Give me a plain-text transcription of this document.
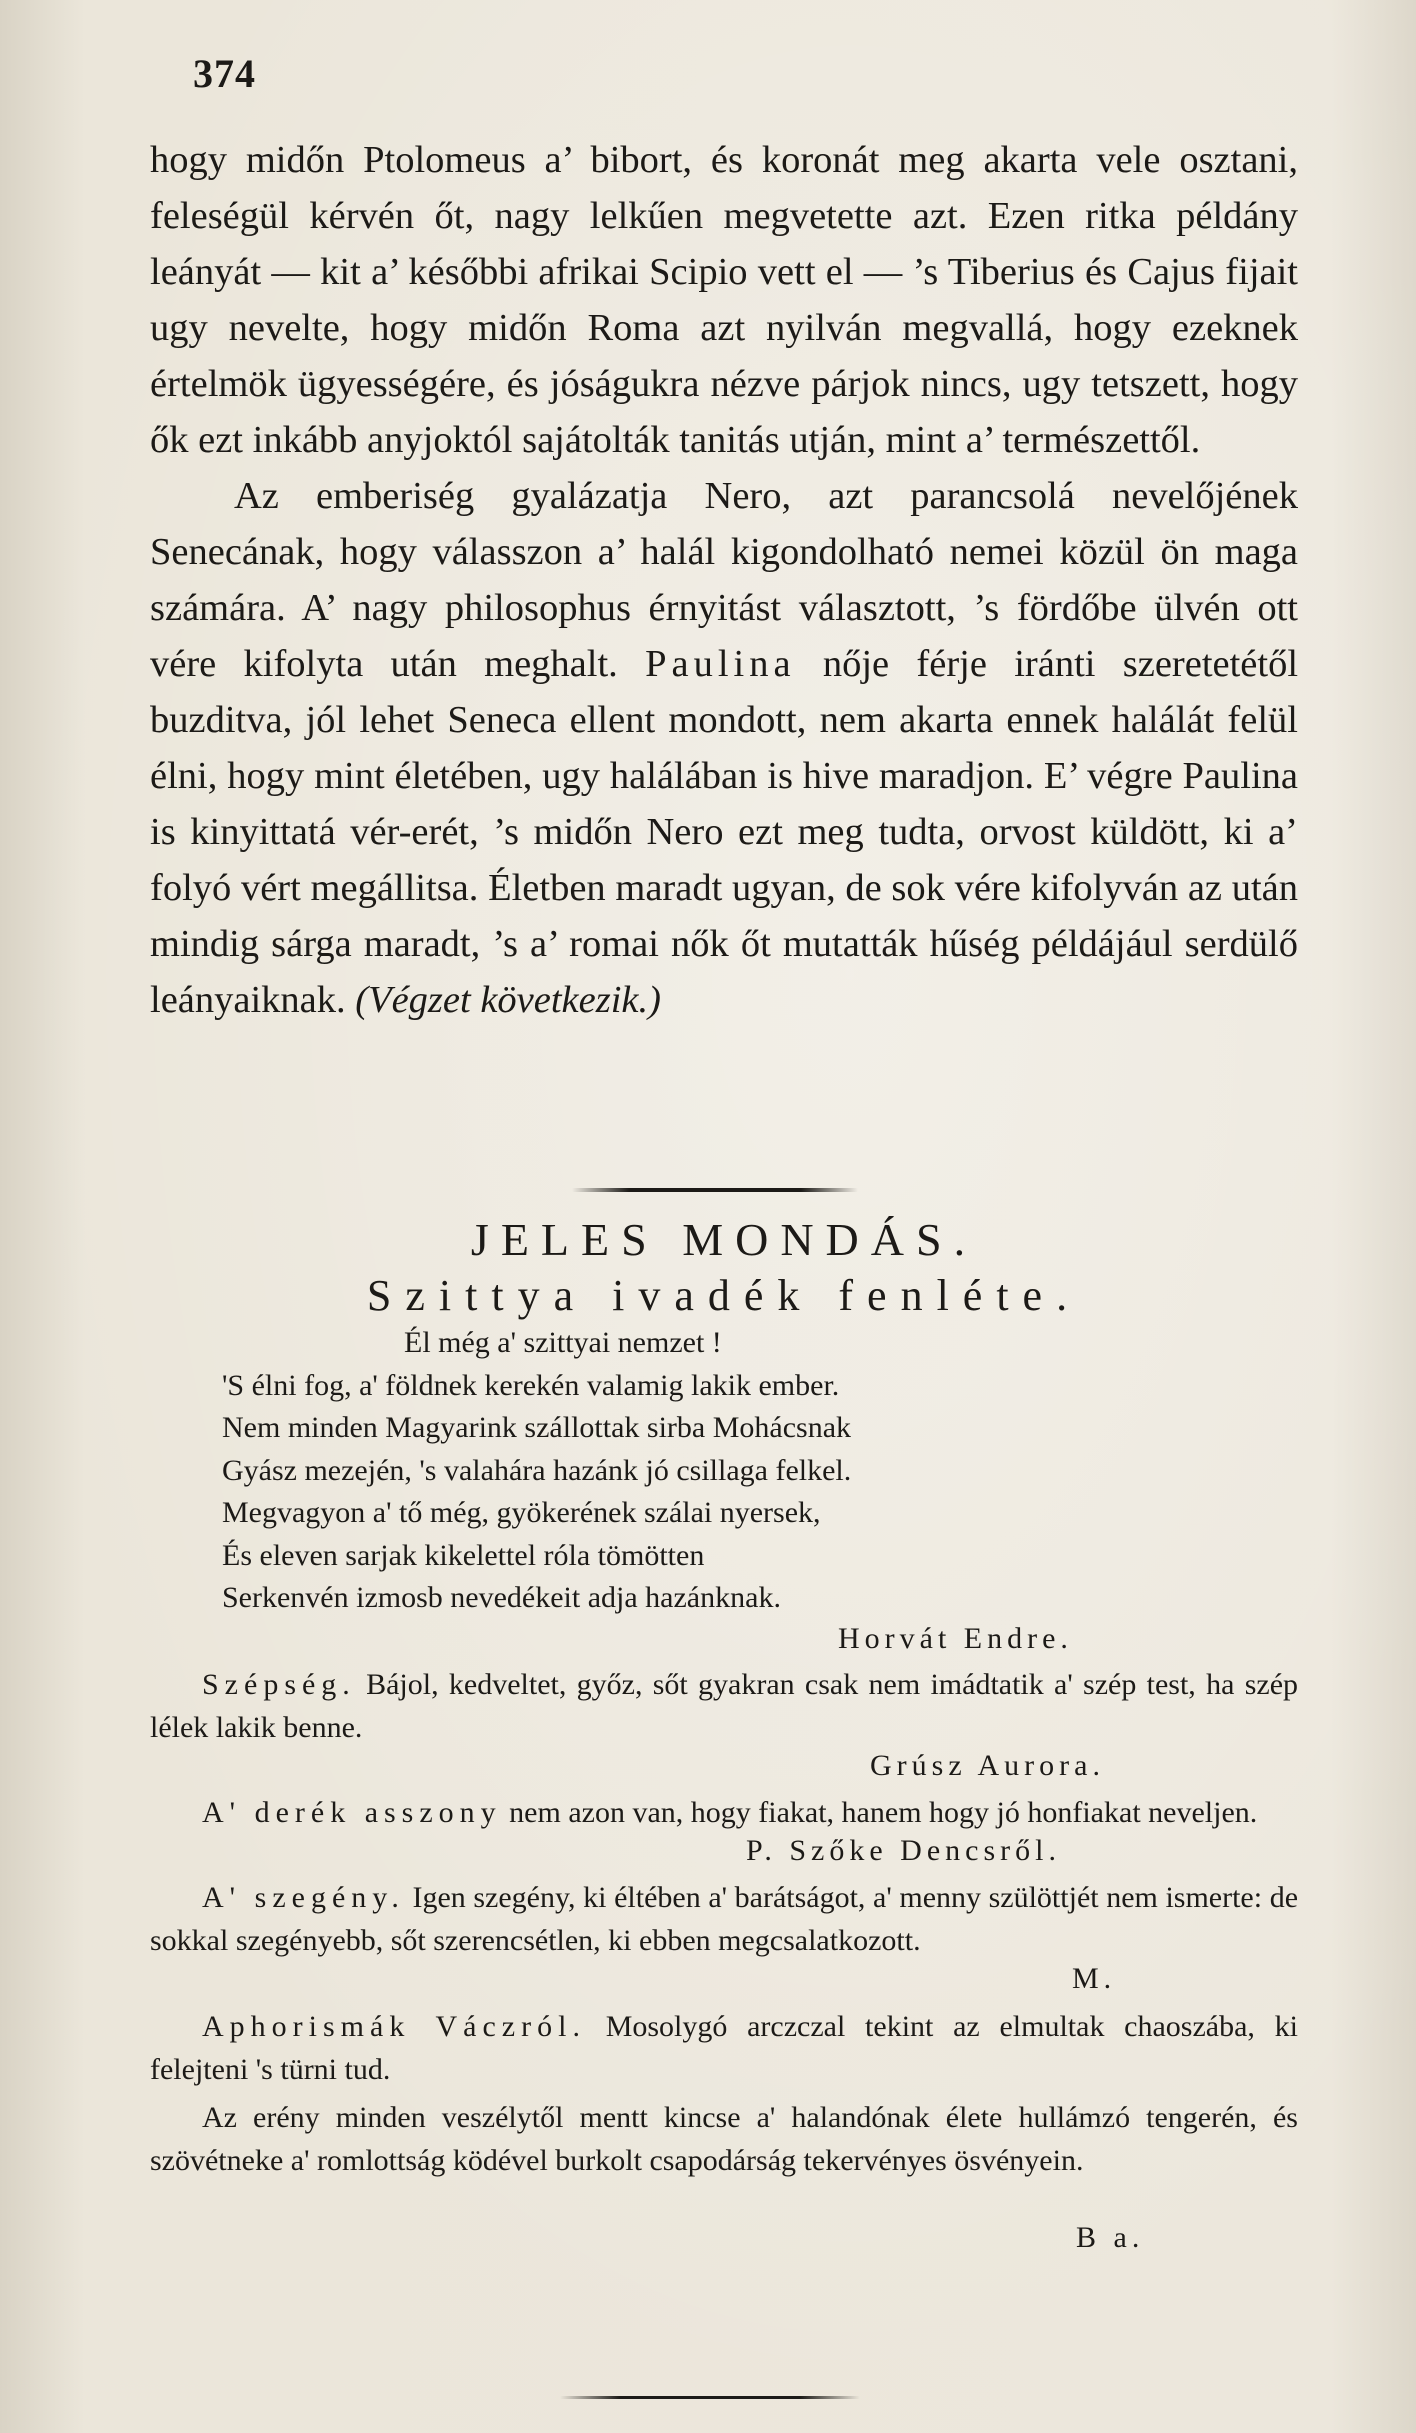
374

hogy midőn Ptolomeus a’ bibort, és koronát meg akarta vele osztani, feleségül kérvén őt, nagy lelkűen megvetette azt. Ezen ritka példány leányát — kit a’ későbbi afrikai Scipio vett el — ’s Tiberius és Cajus fijait ugy nevelte, hogy midőn Roma azt nyilván megvallá, hogy ezeknek értelmök ügyességére, és jóságukra nézve párjok nincs, ugy tetszett, hogy ők ezt inkább anyjoktól sajátolták tanitás utján, mint a’ természettől.

Az emberiség gyalázatja Nero, azt parancsolá nevelőjének Senecának, hogy válasszon a’ halál kigondolható nemei közül ön maga számára. A’ nagy philosophus érnyitást választott, ’s fördőbe ülvén ott vére kifolyta után meghalt. Paulina nője férje iránti szeretetétől buzditva, jól lehet Seneca ellent mondott, nem akarta ennek halálát felül élni, hogy mint életében, ugy halálában is hive maradjon. E’ végre Paulina is kinyittatá vér-erét, ’s midőn Nero ezt meg tudta, orvost küldött, ki a’ folyó vért megállitsa. Életben maradt ugyan, de sok vére kifolyván az után mindig sárga maradt, ’s a’ romai nők őt mutatták hűség példájául serdülő leányaiknak. (Végzet következik.)

JELES MONDÁS.
Szittya ivadék fenléte.
Él még a' szittyai nemzet !
'S élni fog, a' földnek kerekén valamig lakik ember.
Nem minden Magyarink szállottak sirba Mohácsnak
Gyász mezején, 's valahára hazánk jó csillaga felkel.
Megvagyon a' tő még, gyökerének szálai nyersek,
És eleven sarjak kikelettel róla tömötten
Serkenvén izmosb nevedékeit adja hazánknak.
Horvát Endre.

Szépség. Bájol, kedveltet, győz, sőt gyakran csak nem imádtatik a' szép test, ha szép lélek lakik benne.

Grúsz Aurora.

A' derék asszony nem azon van, hogy fiakat, hanem hogy jó honfiakat neveljen.

P. Szőke Dencsről.

A' szegény. Igen szegény, ki éltében a' barátságot, a' menny szülöttjét nem ismerte: de sokkal szegényebb, sőt szerencsétlen, ki ebben megcsalatkozott.

M.

Aphorismák Váczról. Mosolygó arczczal tekint az elmultak chaoszába, ki felejteni 's türni tud.

Az erény minden veszélytől mentt kincse a' halandónak élete hullámzó tengerén, és szövétneke a' romlottság ködével burkolt csapodárság tekervényes ösvényein.

B a.
